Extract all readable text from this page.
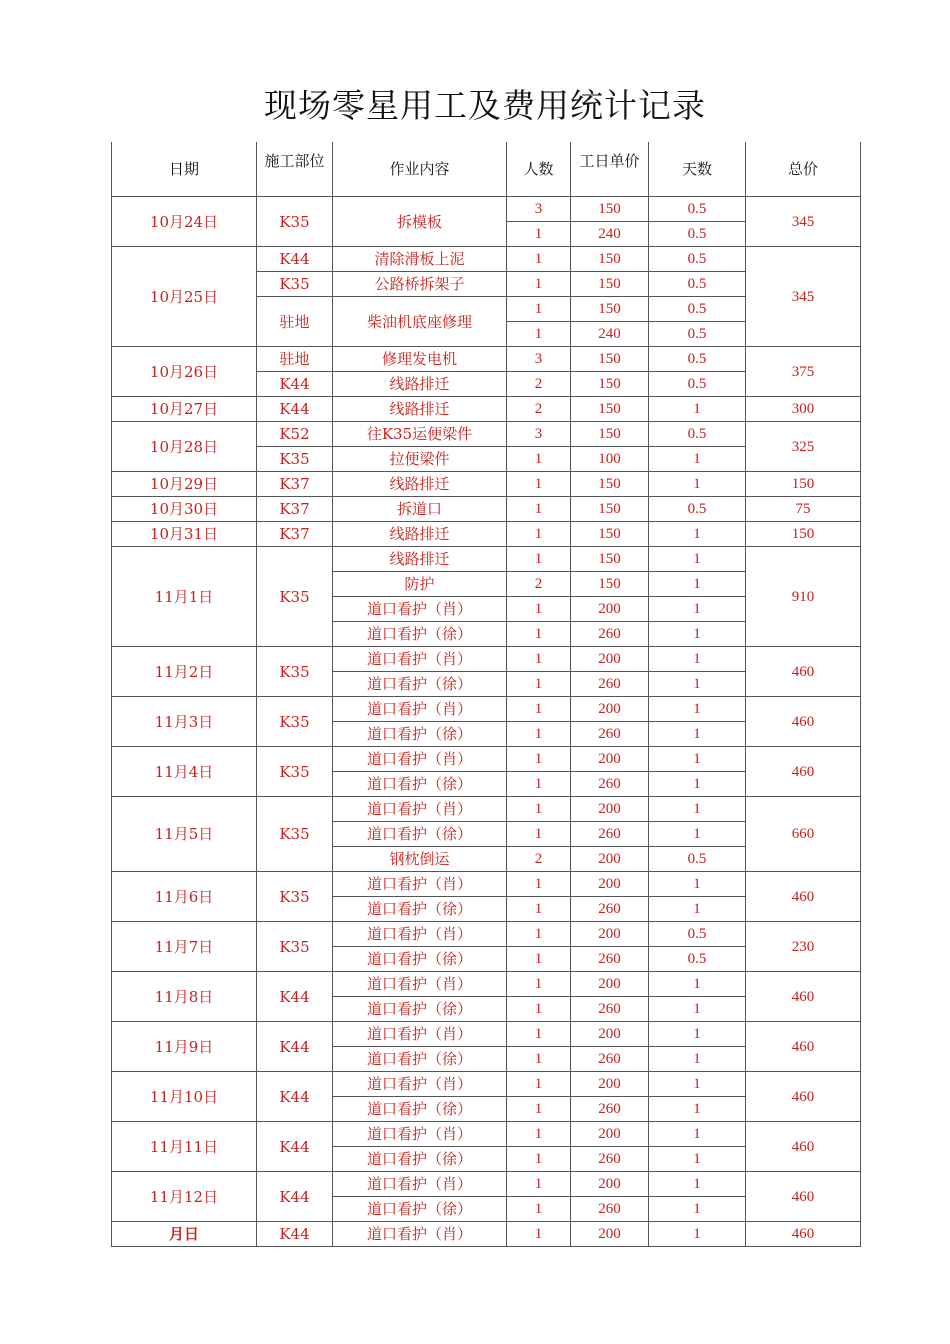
现场零星用工及费用统计记录
日期	施工部位	作业内容	人数	工日单价	天数	总价
10月24日	K35	拆模板	3	150	0.5	345
			1	240	0.5	
10月25日	K44	清除滑板上泥	1	150	0.5	345
	K35	公路桥拆架子	1	150	0.5	
	驻地	柴油机底座修理	1	150	0.5	
			1	240	0.5	
10月26日	驻地	修理发电机	3	150	0.5	375
	K44	线路排迁	2	150	0.5	
10月27日	K44	线路排迁	2	150	1	300
10月28日	K52	往K35运便梁件	3	150	0.5	325
	K35	拉便梁件	1	100	1	
10月29日	K37	线路排迁	1	150	1	150
10月30日	K37	拆道口	1	150	0.5	75
10月31日	K37	线路排迁	1	150	1	150
11月1日	K35	线路排迁	1	150	1	910
		防护	2	150	1	
		道口看护（肖）	1	200	1	
		道口看护（徐）	1	260	1	
11月2日	K35	道口看护（肖）	1	200	1	460
		道口看护（徐）	1	260	1	
11月3日	K35	道口看护（肖）	1	200	1	460
		道口看护（徐）	1	260	1	
11月4日	K35	道口看护（肖）	1	200	1	460
		道口看护（徐）	1	260	1	
11月5日	K35	道口看护（肖）	1	200	1	660
		道口看护（徐）	1	260	1	
		钢枕倒运	2	200	0.5	
11月6日	K35	道口看护（肖）	1	200	1	460
		道口看护（徐）	1	260	1	
11月7日	K35	道口看护（肖）	1	200	0.5	230
		道口看护（徐）	1	260	0.5	
11月8日	K44	道口看护（肖）	1	200	1	460
		道口看护（徐）	1	260	1	
11月9日	K44	道口看护（肖）	1	200	1	460
		道口看护（徐）	1	260	1	
11月10日	K44	道口看护（肖）	1	200	1	460
		道口看护（徐）	1	260	1	
11月11日	K44	道口看护（肖）	1	200	1	460
		道口看护（徐）	1	260	1	
11月12日	K44	道口看护（肖）	1	200	1	460
		道口看护（徐）	1	260	1	
月日	K44	道口看护（肖）	1	200	1	460
